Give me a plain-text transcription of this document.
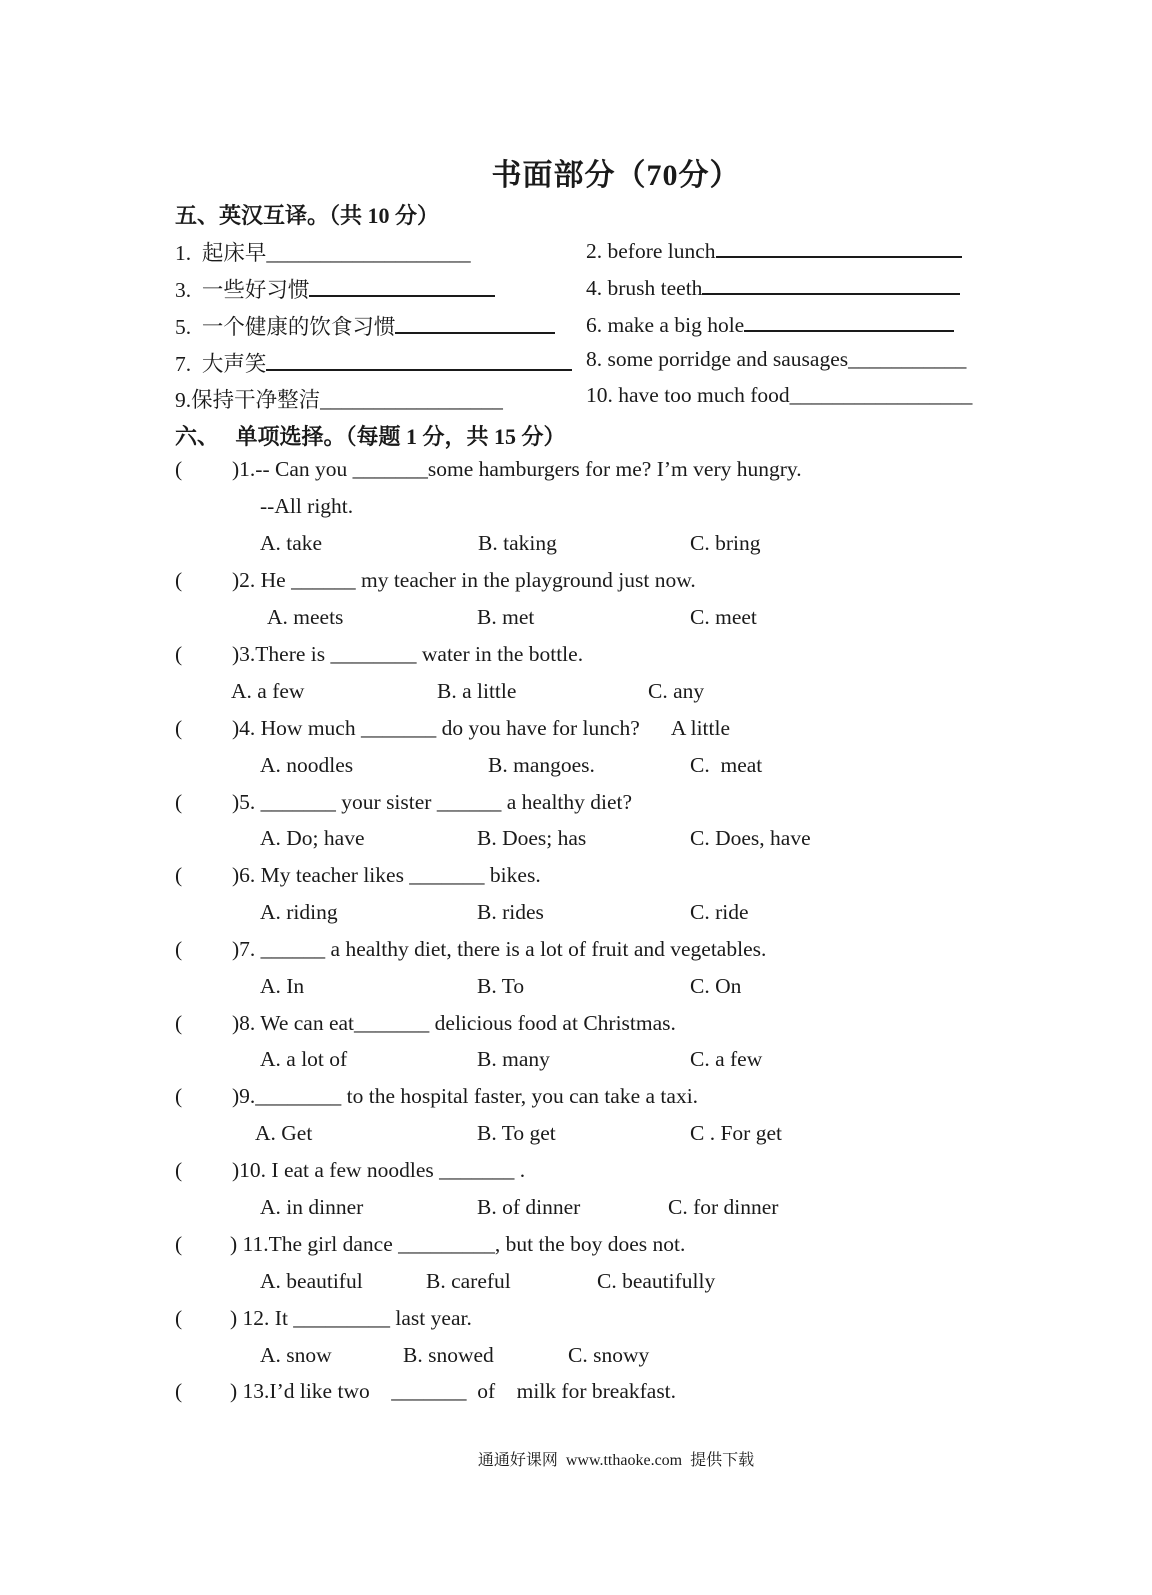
书面部分（70分）
五、英汉互译。（共 10 分）
1.  起床早___________________	2. before lunch
3.  一些好习惯	4. brush teeth
5.  一个健康的饮食习惯	6. make a big hole
7.  大声笑	8. some porridge and sausages___________
9.保持干净整洁_________________	10. have too much food_________________
六、   单项选择。（每题 1 分，共 15 分）
( )1.-- Can you _______some hamburgers for me? I’m very hungry.
--All right.
A. take	B. taking	C. bring
( )2. He ______ my teacher in the playground just now.
A. meets	B. met	C. meet
( )3.There is ________ water in the bottle.
A. a few	B. a little	C. any
( )4. How much _______ do you have for lunch?      A little
A. noodles	B. mangoes.	C.  meat
( )5. _______ your sister ______ a healthy diet?
A. Do; have	B. Does; has	C. Does, have
( )6. My teacher likes _______ bikes.
A. riding	B. rides	C. ride
( )7. ______ a healthy diet, there is a lot of fruit and vegetables.
A. In	B. To	C. On
( )8. We can eat_______ delicious food at Christmas.
A. a lot of	B. many	C. a few
( )9.________ to the hospital faster, you can take a taxi.
A. Get	B. To get	C . For get
( )10. I eat a few noodles _______ .
A. in dinner	B. of dinner	C. for dinner
( ) 11.The girl dance _________, but the boy does not.
A. beautiful	B. careful	C. beautifully
( ) 12. It _________ last year.
A. snow	B. snowed	C. snowy
( ) 13.I’d like two    _______  of    milk for breakfast.
通通好课网  www.tthaoke.com  提供下载
